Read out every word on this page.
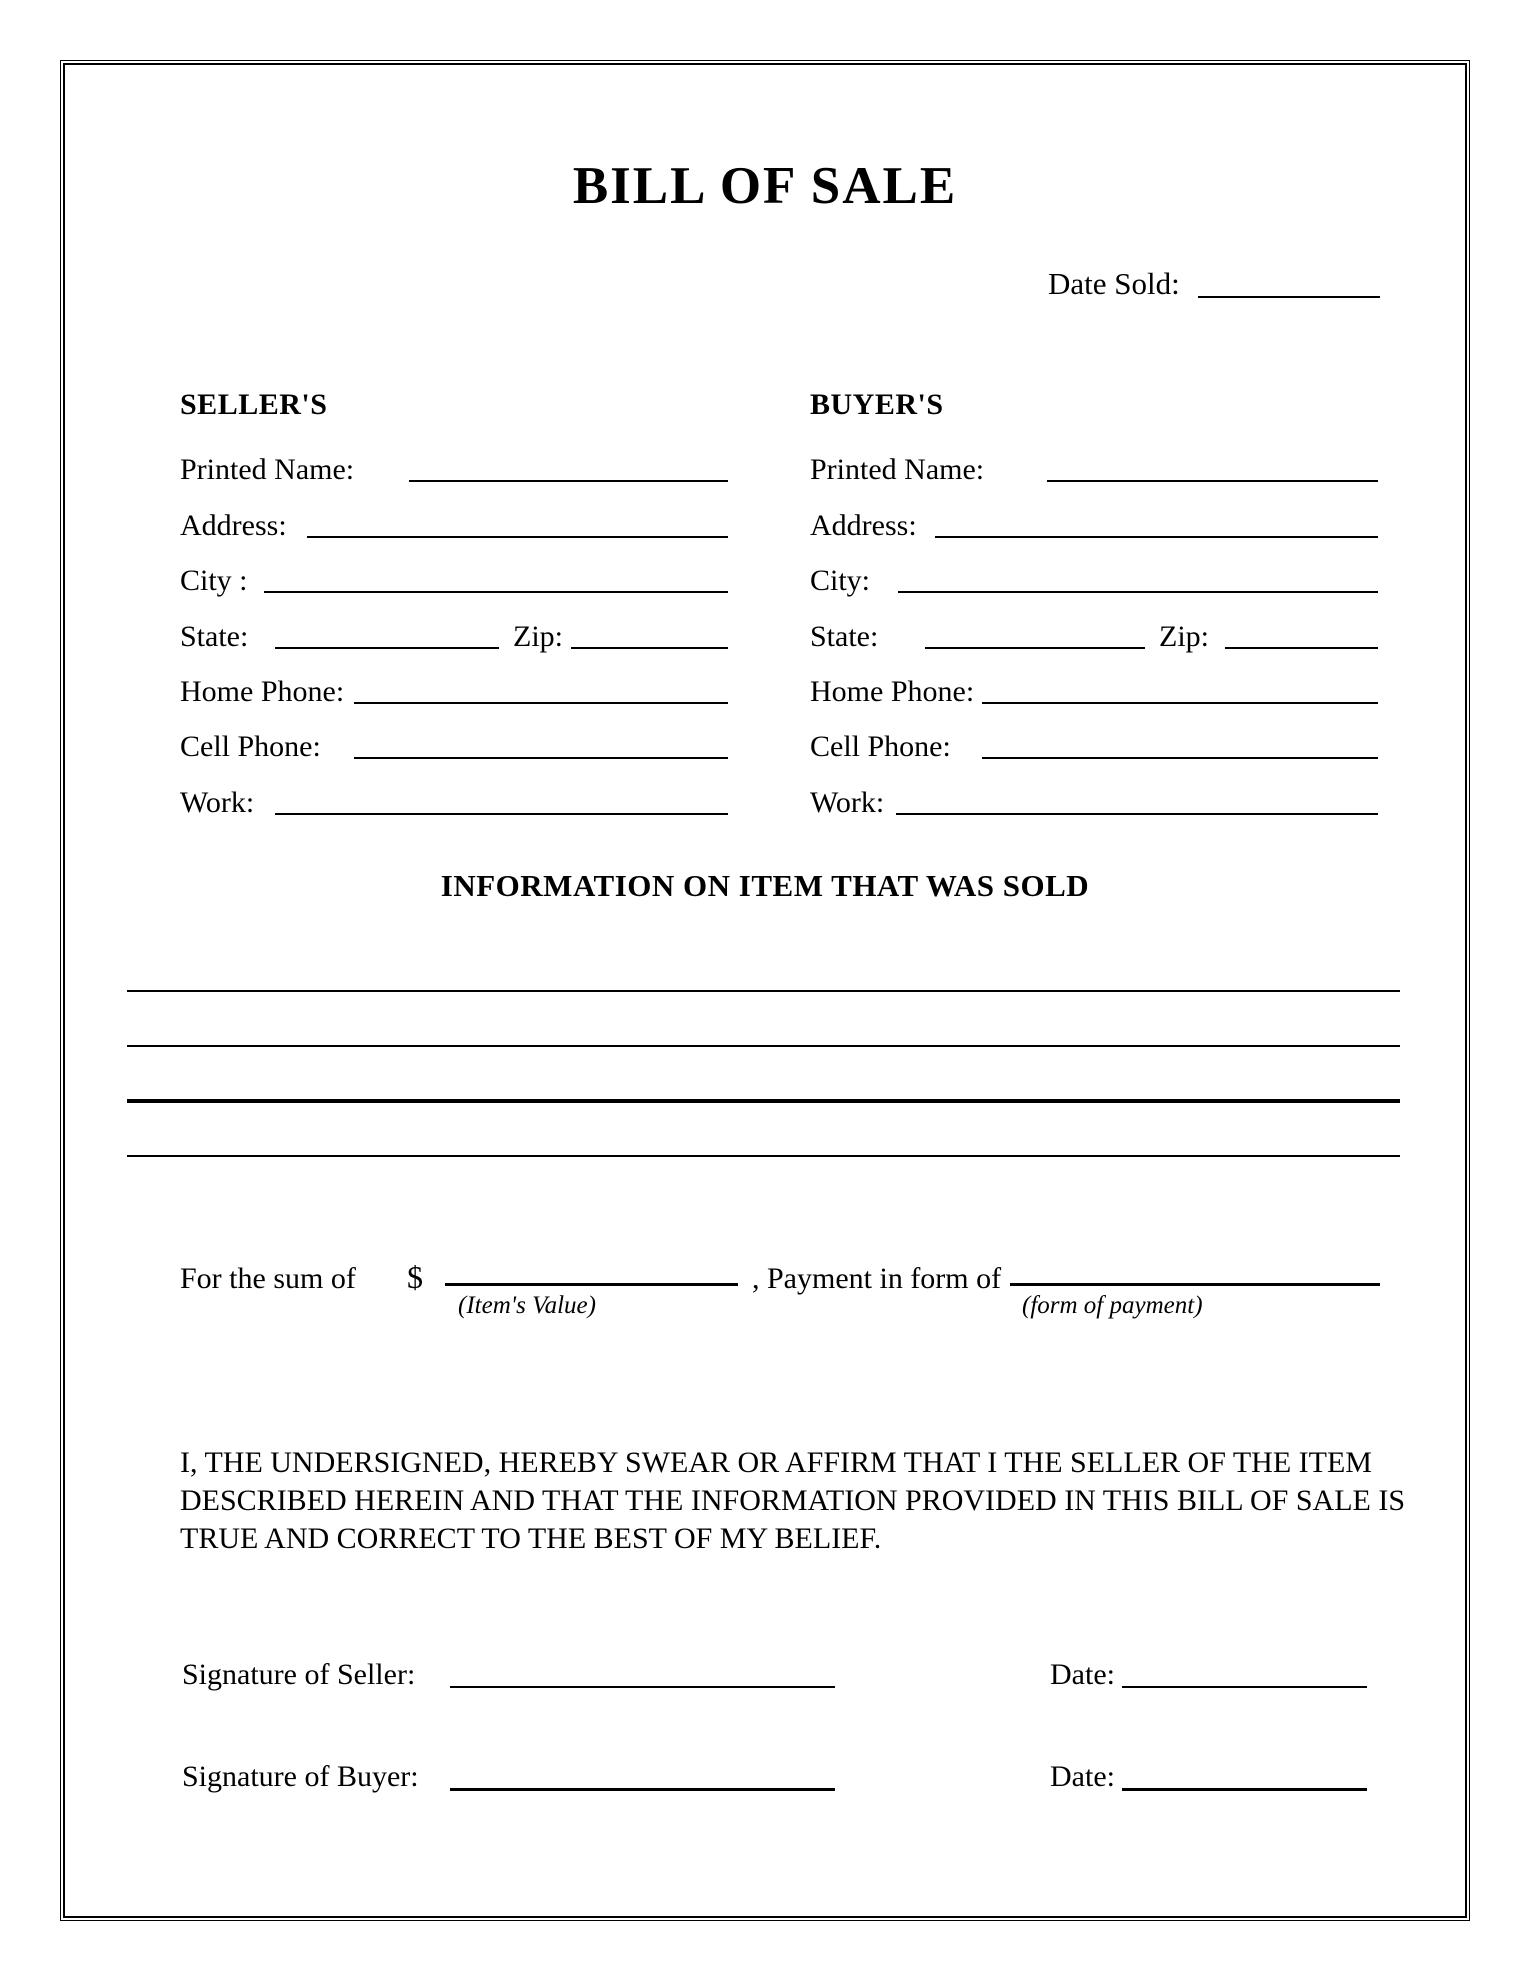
BILL OF SALE
Date Sold:
SELLER'S
Printed Name:
Address:
City :
State:	Zip:
Home Phone:
Cell Phone:
Work:
BUYER'S
Printed Name:
Address:
City:
State:	Zip:
Home Phone:
Cell Phone:
Work:
INFORMATION ON ITEM THAT WAS SOLD
For the sum of $
(Item's Value)
, Payment in form of
(form of payment)
I, THE UNDERSIGNED, HEREBY SWEAR OR AFFIRM THAT I THE SELLER OF THE ITEM
DESCRIBED HEREIN AND THAT THE INFORMATION PROVIDED IN THIS BILL OF SALE IS
TRUE AND CORRECT TO THE BEST OF MY BELIEF.
Signature of Seller:	Date:
Signature of Buyer:	Date:
